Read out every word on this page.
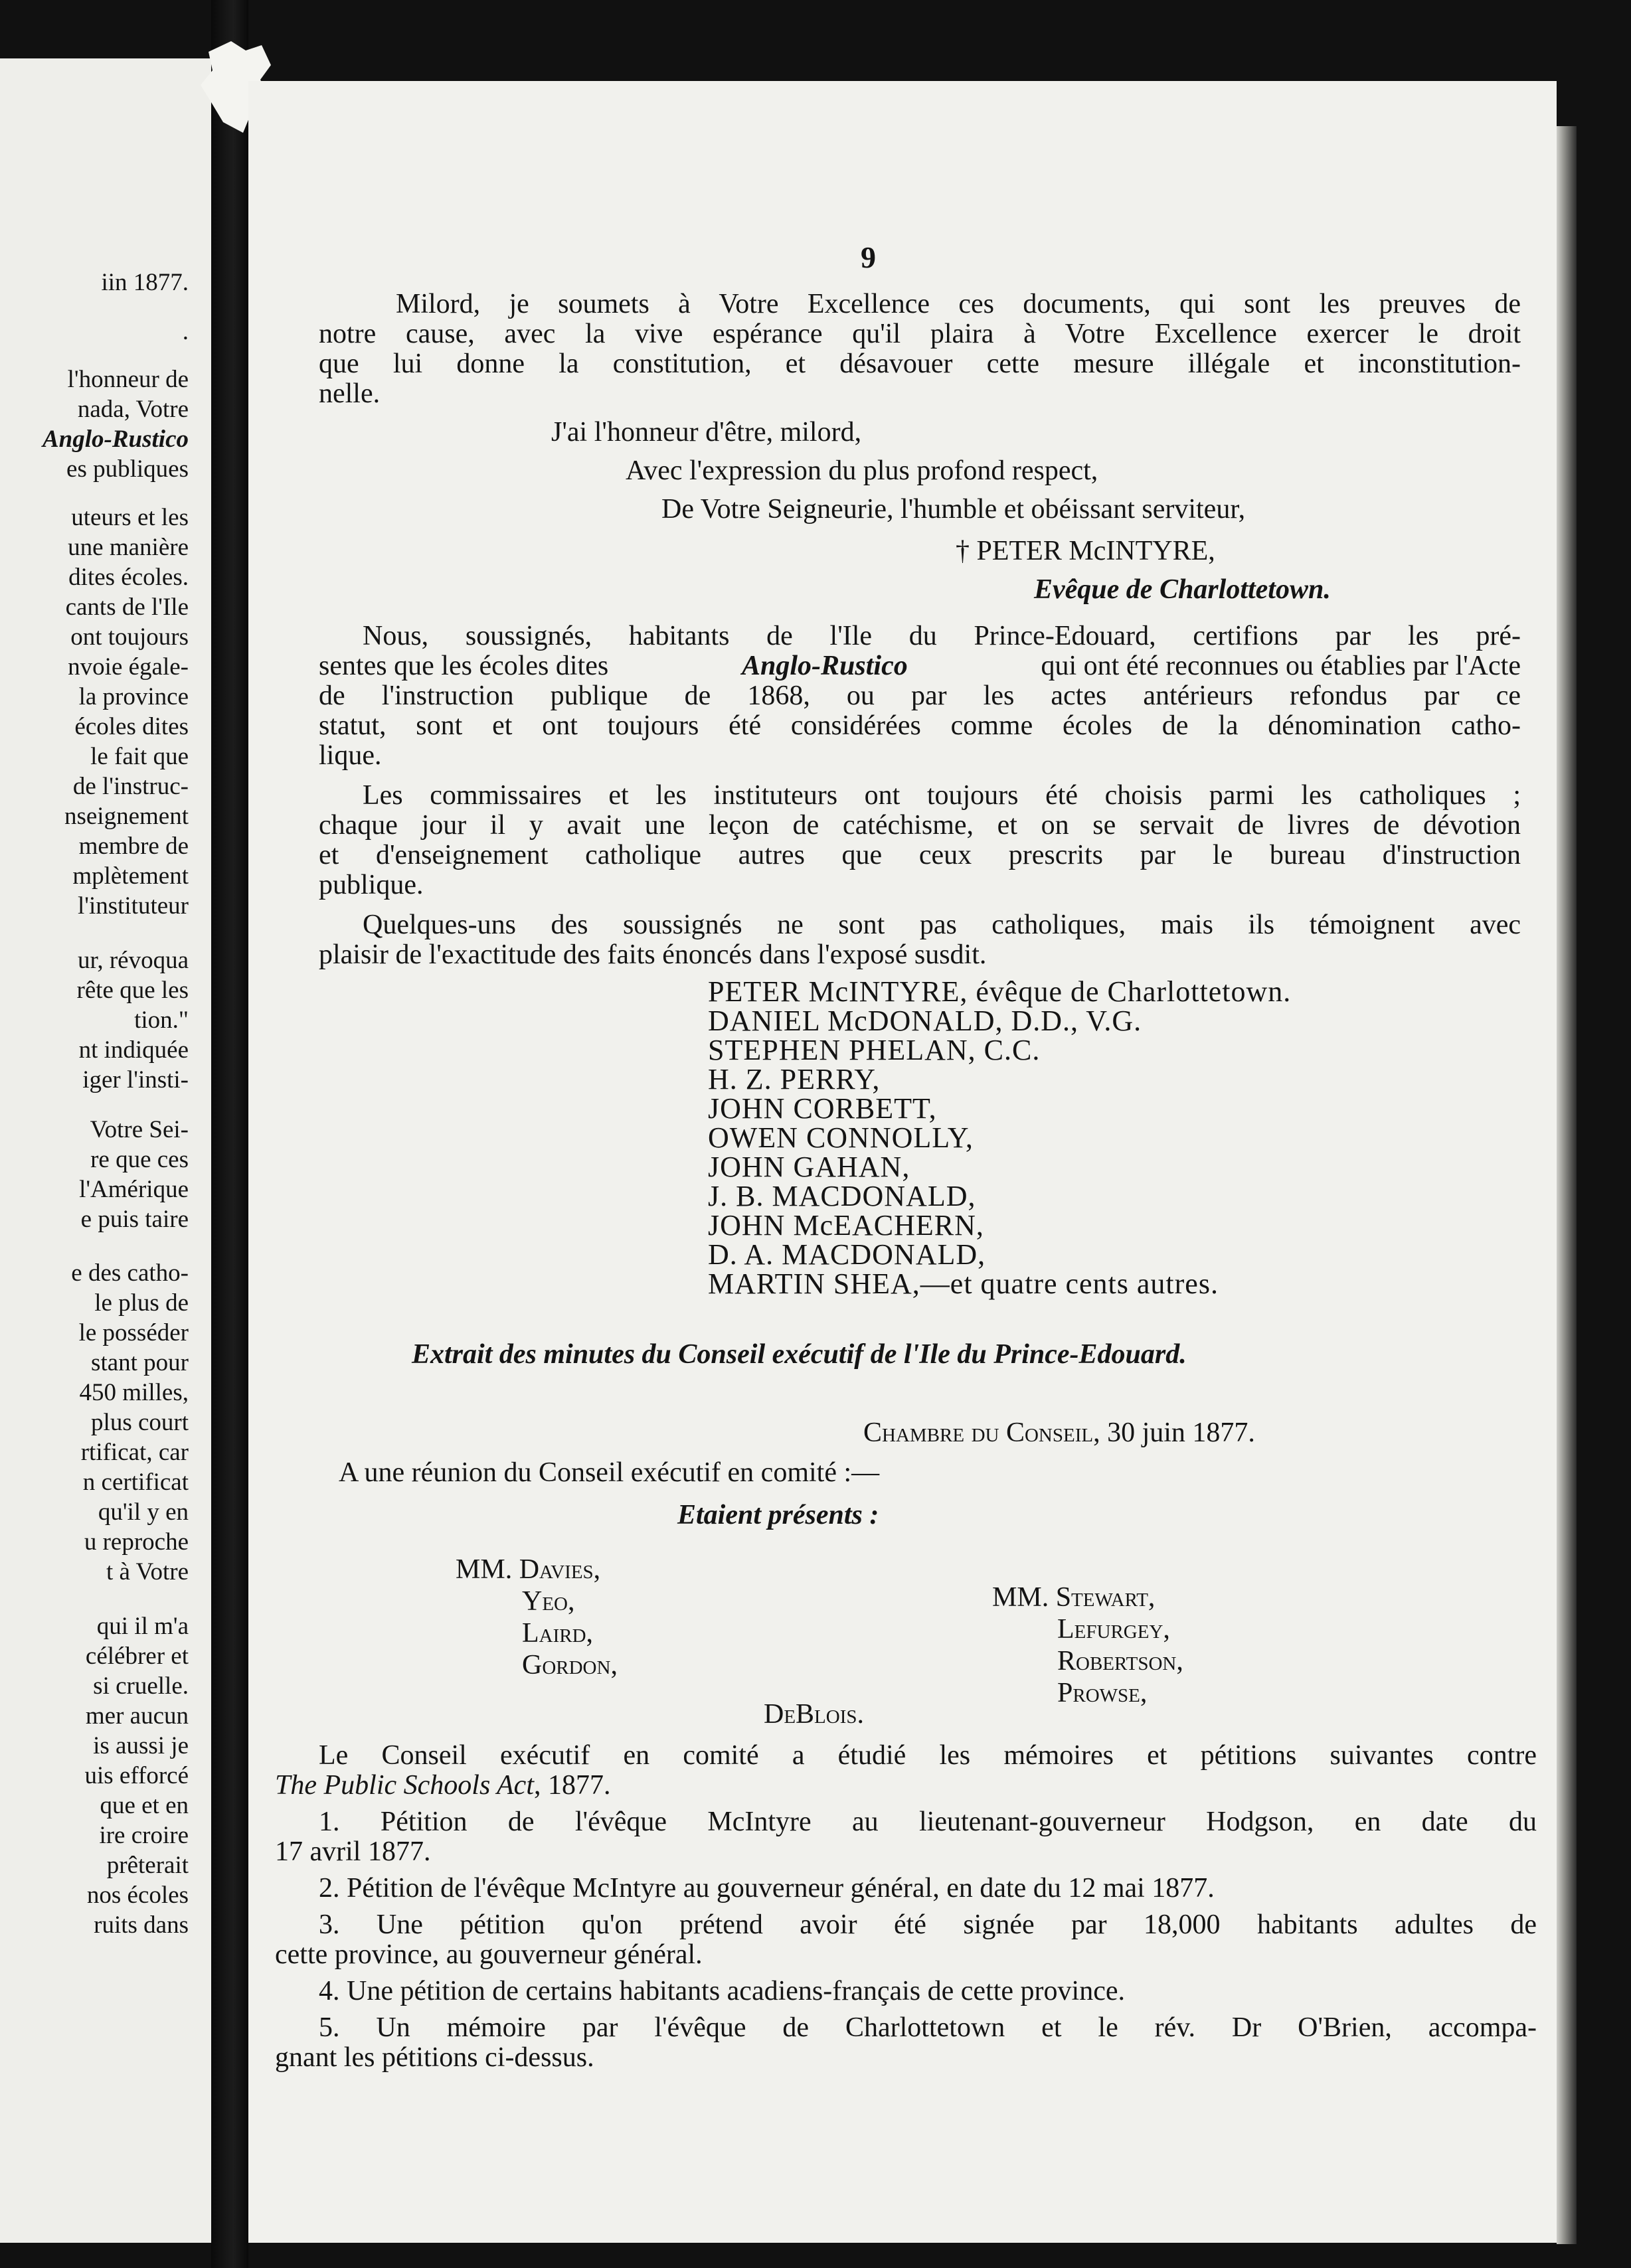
iin 1877.
.
l'honneur de
nada, Votre
Anglo-Rustico
es publiques
uteurs et les
une manière
dites écoles.
cants de l'Ile
ont toujours
nvoie égale-
la province
écoles dites
le fait que
de l'instruc-
nseignement
membre de
mplètement
l'instituteur
ur, révoqua
rête que les
tion."
nt indiquée
iger l'insti-
Votre Sei-
re que ces
l'Amérique
e puis taire
e des catho-
le plus de
le posséder
stant pour
450 milles,
plus court
rtificat, car
n certificat
qu'il y en
u reproche
t à Votre
qui il m'a
célébrer et
si cruelle.
mer aucun
is aussi je
uis efforcé
que et en
ire croire
prêterait
nos écoles
ruits dans
9
Milord, je soumets à Votre Excellence ces documents, qui sont les preuves de
notre cause, avec la vive espérance qu'il plaira à Votre Excellence exercer le droit
que lui donne la constitution, et désavouer cette mesure illégale et inconstitution-
nelle.
J'ai l'honneur d'être, milord,
Avec l'expression du plus profond respect,
De Votre Seigneurie, l'humble et obéissant serviteur,
† PETER McINTYRE,
Evêque de Charlottetown.
Nous, soussignés, habitants de l'Ile du Prince-Edouard, certifions par les pré-
sentes que les écoles dites	Anglo-Rustico	qui ont été reconnues ou établies par l'Acte
de l'instruction publique de 1868, ou par les actes antérieurs refondus par ce
statut, sont et ont toujours été considérées comme écoles de la dénomination catho-
lique.
Les commissaires et les instituteurs ont toujours été choisis parmi les catholiques ;
chaque jour il y avait une leçon de catéchisme, et on se servait de livres de dévotion
et d'enseignement catholique autres que ceux prescrits par le bureau d'instruction
publique.
Quelques-uns des soussignés ne sont pas catholiques, mais ils témoignent avec
plaisir de l'exactitude des faits énoncés dans l'exposé susdit.
PETER McINTYRE, évêque de Charlottetown.
DANIEL McDONALD, D.D., V.G.
STEPHEN PHELAN, C.C.
H. Z. PERRY,
JOHN CORBETT,
OWEN CONNOLLY,
JOHN GAHAN,
J. B. MACDONALD,
JOHN McEACHERN,
D. A. MACDONALD,
MARTIN SHEA,—et quatre cents autres.
Extrait des minutes du Conseil exécutif de l'Ile du Prince-Edouard.
Chambre du Conseil, 30 juin 1877.
A une réunion du Conseil exécutif en comité :—
Etaient présents :
MM. Davies,
Yeo,
Laird,
Gordon,
MM. Stewart,
Lefurgey,
Robertson,
Prowse,
DeBlois.
Le Conseil exécutif en comité a étudié les mémoires et pétitions suivantes contre
The Public Schools Act, 1877.
1. Pétition de l'évêque McIntyre au lieutenant-gouverneur Hodgson, en date du
17 avril 1877.
2. Pétition de l'évêque McIntyre au gouverneur général, en date du 12 mai 1877.
3. Une pétition qu'on prétend avoir été signée par 18,000 habitants adultes de
cette province, au gouverneur général.
4. Une pétition de certains habitants acadiens-français de cette province.
5. Un mémoire par l'évêque de Charlottetown et le rév. Dr O'Brien, accompa-
gnant les pétitions ci-dessus.
